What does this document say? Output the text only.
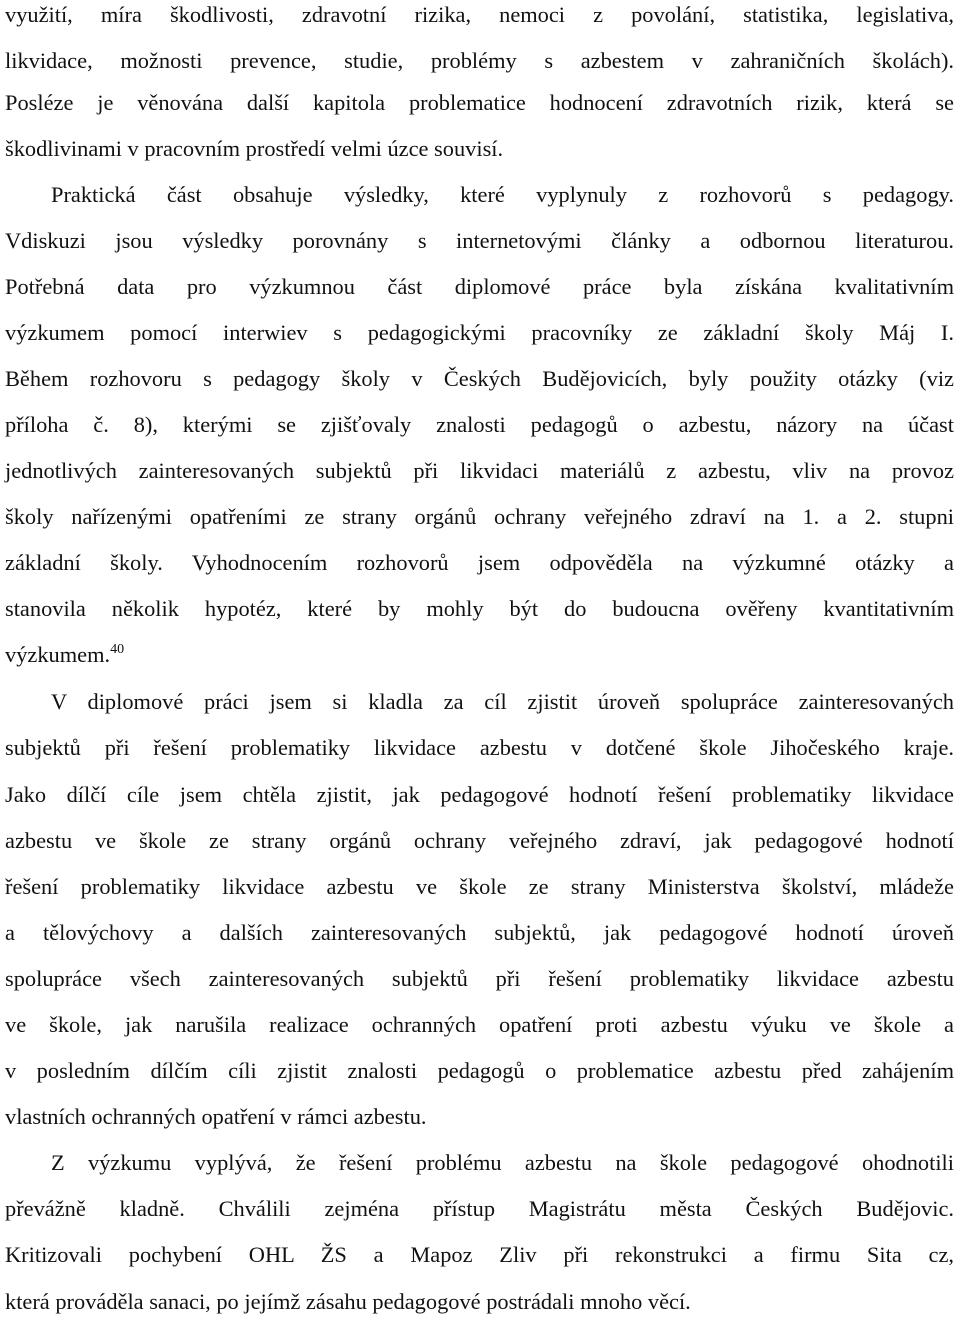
využití, míra škodlivosti, zdravotní rizika, nemoci z povolání, statistika, legislativa,
likvidace, možnosti prevence, studie, problémy s azbestem v zahraničních školách).
Posléze je věnována další kapitola problematice hodnocení zdravotních rizik, která se
škodlivinami v pracovním prostředí velmi úzce souvisí.
Praktická část obsahuje výsledky, které vyplynuly z rozhovorů s pedagogy.
Vdiskuzi jsou výsledky porovnány s internetovými články a odbornou literaturou.
Potřebná data pro výzkumnou část diplomové práce byla získána kvalitativním
výzkumem pomocí interwiev s pedagogickými pracovníky ze základní školy Máj I.
Během rozhovoru s pedagogy školy v Českých Budějovicích, byly použity otázky (viz
příloha č. 8), kterými se zjišťovaly znalosti pedagogů o azbestu, názory na účast
jednotlivých zainteresovaných subjektů při likvidaci materiálů z azbestu, vliv na provoz
školy nařízenými opatřeními ze strany orgánů ochrany veřejného zdraví na 1. a 2. stupni
základní školy. Vyhodnocením rozhovorů jsem odpověděla na výzkumné otázky a
stanovila několik hypotéz, které by mohly být do budoucna ověřeny kvantitativním
výzkumem.$^{40}$
V diplomové práci jsem si kladla za cíl zjistit úroveň spolupráce zainteresovaných
subjektů při řešení problematiky likvidace azbestu v dotčené škole Jihočeského kraje.
Jako dílčí cíle jsem chtěla zjistit, jak pedagogové hodnotí řešení problematiky likvidace
azbestu ve škole ze strany orgánů ochrany veřejného zdraví, jak pedagogové hodnotí
řešení problematiky likvidace azbestu ve škole ze strany Ministerstva školství, mládeže
a tělovýchovy a dalších zainteresovaných subjektů, jak pedagogové hodnotí úroveň
spolupráce všech zainteresovaných subjektů při řešení problematiky likvidace azbestu
ve škole, jak narušila realizace ochranných opatření proti azbestu výuku ve škole a
v posledním dílčím cíli zjistit znalosti pedagogů o problematice azbestu před zahájením
vlastních ochranných opatření v rámci azbestu.
Z výzkumu vyplývá, že řešení problému azbestu na škole pedagogové ohodnotili
převážně kladně. Chválili zejména přístup Magistrátu města Českých Budějovic.
Kritizovali pochybení OHL ŽS a Mapoz Zliv při rekonstrukci a firmu Sita cz,
která prováděla sanaci, po jejímž zásahu pedagogové postrádali mnoho věcí.
